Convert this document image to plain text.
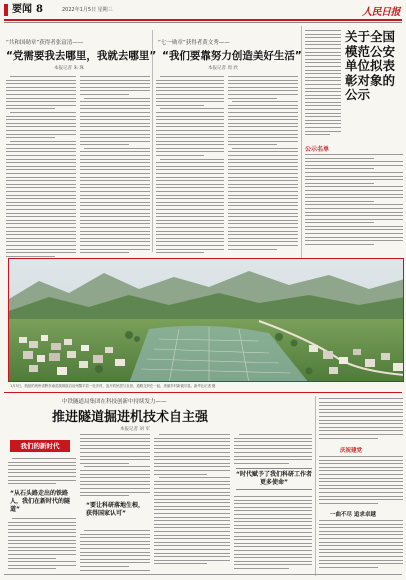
要闻 8	2022年1月5日 星期三	人民日报
“共和国勋章”获得者张富清——
“党需要我去哪里，我就去哪里”
本报记者 朱 珠
“七一勋章”获得者黄文秀——
“我们要靠努力创造美好生活”
本报记者 周 欣
关于全国模范公安单位拟表彰对象的公示
公示名单
1月3日，航拍的贵州省黔东南苗族侗族自治州黎平县一处乡村，连片的民居与农田、道路交织在一起，美丽乡村新貌尽显。新华社记者 摄
中铁隧道局集团在科技创新中持续发力——
推进隧道掘进机技术自主强
本报记者 刘 军
我们的新时代
“从石头路走出的铁路人，我们在新时代的隧道”
“要让科研落地生根，获得国家认可”
“时代赋予了我们科研工作者更多使命”
庆祝建党
一曲不尽 追求卓越
